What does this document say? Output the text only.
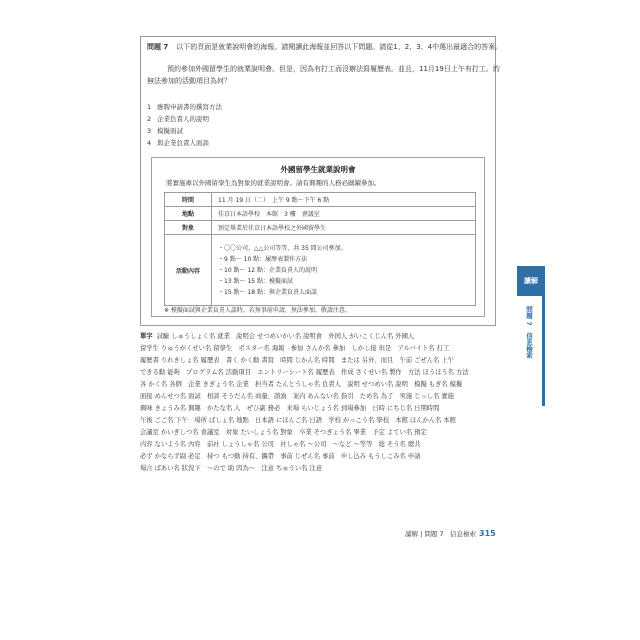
問題 7 以下的頁面是就業說明會的海報。請閱讀此海報並回答以下問題。請從1、2、3、4中選出最適合的答案。
預約參加外國留學生的就業說明會。但是，因為有打工而沒辦法寫履歷表。並且，11月19日上午有打工。約
無法參加的活動項目為何？
1 應聘申請書的撰寫方法
2 企業負責人的說明
3 模擬面試
4 與企業負責人面談
外國留學生就業說明會
將實施專以外國留學生為對象的就業說明會。請有興趣的人務必踴躍參加。
時間	11 月 19 日（二）　上午 9 點〜下午 6 點
地點	佳京日本語學校　本館　3 樓　會議室
對象	預定畢業於佳京日本語學校之外國留學生
活動內容	・〇〇公司、△△公司等等，共 35 間公司參加。
・9 點〜 10 點：履歷表製作方法
・10 點〜 12 點：企業負責人的說明
・13 點〜 15 點：模擬面試
・15 點〜 18 點：與企業負責人面談
※ 模擬面試與企業負責人談時，若無事前申請，無法參加，敬請注意。
單字 試驗 しゅうしょく名 就業　說明会 せつめいかい名 說明會　外国人 がいこくじん名 外國人
留学生 りゅうがくせい名 留學生　ポスター名 海報　参加 さんか名 參加　しかし接 但是　アルバイト名 打工
履歴書 りれきしょ名 履歷表　書く かく動 書寫　時間 じかん名 時間　または 另外、而且　午前 ごぜん名 上午
できる動 能夠　プログラム名 活動項目　エントリーシート名 履歷表　作成 さくせい名 製作　方法 ほうほう名 方法
各 かく名 各個　企業 きぎょう名 企業　担当者 たんとうしゃ名 負責人　説明 せつめい名 說明　模擬 もぎ名 模擬
面接 めんせつ名 面試　相談 そうだん名 商量、諮詢　案内 あんない名 指引　ため名 為了　実施 じっし名 實施
興味 きょうみ名 興趣　かたな名 人　ぜひ副 務必　来場 らいじょう名 到場參加　日時 にちじ名 日期時間
午後 ごご名 下午　場所 ばしょ名 地點　日本語 にほんご名 日語　学校 がっこう名 學校　本館 ほんかん名 本館
会議室 かいぎしつ名 會議室　対象 たいしょう名 對象　卒業 そつぎょう名 畢業　予定 よてい名 預定
内容 ないよう名 內容　前社 しょうしゃ名 公司　社しゃ名 〜公司　〜など 〜等等　総 そう名 總共
必ず かならず副 必定　持つ もつ動 持有、攜帶　事前 じぜん名 事前　申し込み もうしこみ名 申請
場合 ばあい名 狀況下　〜ので 助 因為〜　注意 ちゅうい名 注意
讀解
問題 7　信息檢索
讀解 | 問題 7　信息檢索 315
